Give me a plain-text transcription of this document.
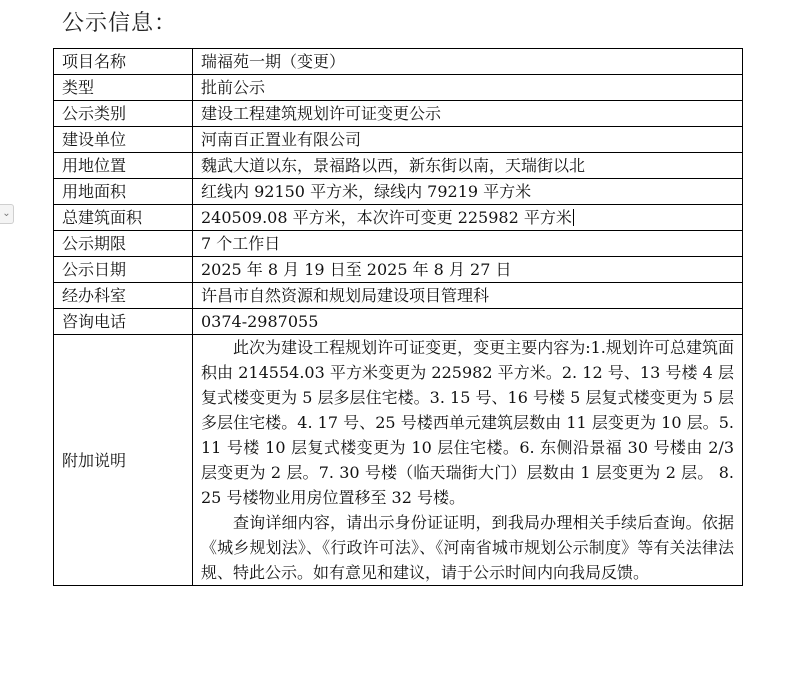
公示信息：
⌄
项目名称	瑞福苑一期（变更）
类型	批前公示
公示类别	建设工程建筑规划许可证变更公示
建设单位	河南百正置业有限公司
用地位置	魏武大道以东，景福路以西，新东街以南，天瑞街以北
用地面积	红线内 92150 平方米，绿线内 79219 平方米
总建筑面积	240509.08 平方米，本次许可变更 225982 平方米
公示期限	7 个工作日
公示日期	2025 年 8 月 19 日至 2025 年 8 月 27 日
经办科室	许昌市自然资源和规划局建设项目管理科
咨询电话	0374-2987055
附加说明	此次为建设工程规划许可证变更，变更主要内容为:1.规划许可总建筑面积由 214554.03 平方米变更为 225982 平方米。2. 12 号、13 号楼 4 层复式楼变更为 5 层多层住宅楼。3. 15 号、16 号楼 5 层复式楼变更为 5 层多层住宅楼。4. 17 号、25 号楼西单元建筑层数由 11 层变更为 10 层。5. 11 号楼 10 层复式楼变更为 10 层住宅楼。6. 东侧沿景福 30 号楼由 2/3 层变更为 2 层。7. 30 号楼（临天瑞街大门）层数由 1 层变更为 2 层。 8. 25 号楼物业用房位置移至 32 号楼。

查询详细内容，请出示身份证证明，到我局办理相关手续后查询。依据《城乡规划法》、《行政许可法》、《河南省城市规划公示制度》等有关法律法规、特此公示。如有意见和建议，请于公示时间内向我局反馈。
